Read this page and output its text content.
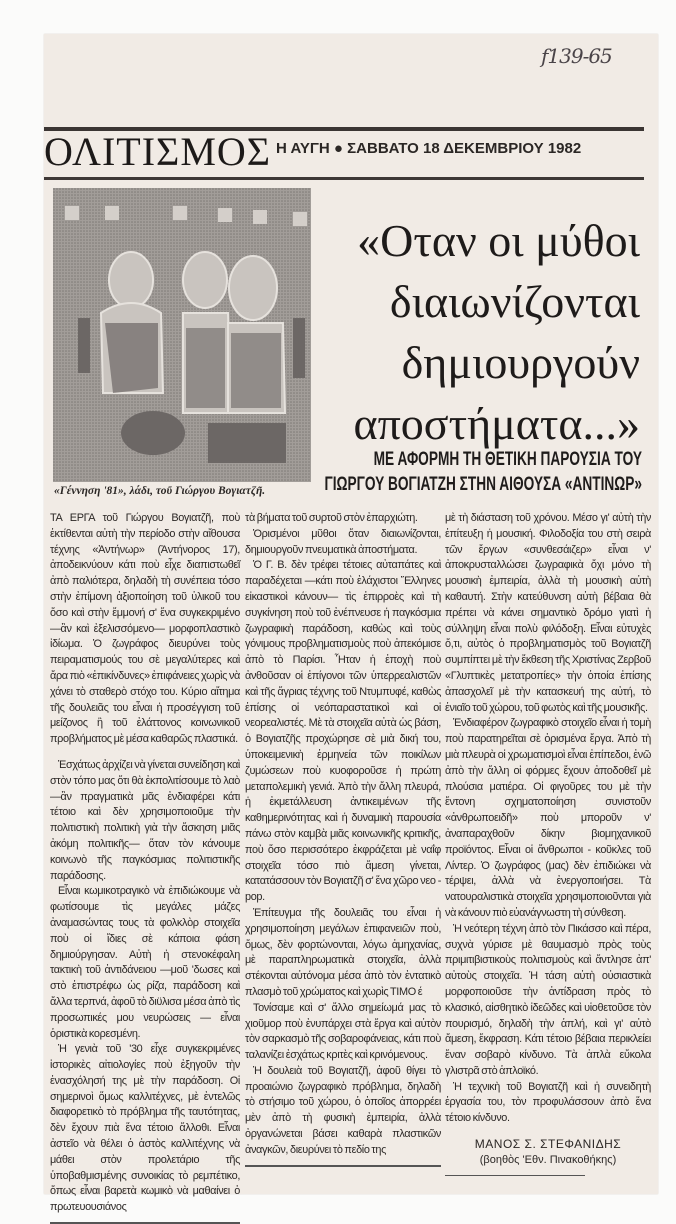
f139-65
ΟΛΙΤΙΣΜΟΣ Η ΑΥΓΗ ● ΣΑΒΒΑΤΟ 18 ΔΕΚΕΜΒΡΙΟΥ 1982
«Γέννηση '81», λάδι, τοῦ Γιώργου Βογιατζῆ.
«Οταν οι μύθοι
διαιωνίζονται
δημιουργούν
αποστήματα...»
ΜΕ ΑΦΟΡΜΗ ΤΗ ΘΕΤΙΚΗ ΠΑΡΟΥΣΙΑ ΤΟΥ
ΓΙΩΡΓΟΥ ΒΟΓΙΑΤΖΗ ΣΤΗΝ ΑΙΘΟΥΣΑ «ΑΝΤΙΝΩΡ»

ΤΑ ΕΡΓΑ τοῦ Γιώργου Βογιατζῆ, ποὺ ἐκτίθενται αὐτὴ τὴν περίοδο στὴν αἴθουσα τέχνης «Ἀντήνωρ» (Ἀντήνορος 17), ἀποδεικνύουν κάτι ποὺ εἶχε διαπιστωθεῖ ἀπὸ παλιότερα, δηλαδὴ τὴ συνέπεια τόσο στὴν ἐπίμονη ἀξιοποίηση τοῦ ὑλικοῦ του ὅσο καὶ στὴν ἔμμονή σ' ἕνα συγκεκριμένο —ἂν καὶ ἐξελισσόμενο— μορφοπλαστικὸ ἰδίωμα. Ὁ ζωγράφος διευρύνει τοὺς πειραματισμούς του σὲ μεγαλύτερες καὶ ἄρα πιὸ «ἐπικίνδυνες» ἐπιφάνειες χωρὶς νὰ χάνει τὸ σταθερὸ στόχο του. Κύριο αἴτημα τῆς δουλειᾶς του εἶναι ἡ προσέγγιση τοῦ μείζονος ἢ τοῦ ἐλάττονος κοινωνικοῦ προβλήματος μὲ μέσα καθαρῶς πλαστικά.

Ἐσχάτως ἀρχίζει νὰ γίνεται συνείδηση καὶ στὸν τόπο μας ὅτι θὰ ἐκπολιτίσουμε τὸ λαὸ —ἂν πραγματικὰ μᾶς ἐνδιαφέρει κάτι τέτοιο καὶ δὲν χρησιμοποιοῦμε τὴν πολιτιστικὴ πολιτικὴ γιὰ τὴν ἄσκηση μιᾶς ἀκόμη πολιτικῆς— ὅταν τὸν κάνουμε κοινωνὸ τῆς παγκόσμιας πολιτιστικῆς παράδοσης.

Εἶναι κωμικοτραγικὸ νὰ ἐπιδιώκουμε νὰ φωτίσουμε τὶς μεγάλες μάζες ἀναμασώντας τους τὰ φολκλὸρ στοιχεῖα ποὺ οἱ ἴδιες σὲ κάποια φάση δημιούργησαν. Αὐτὴ ἡ στενοκέφαλη τακτικὴ τοῦ ἀντιδάνειου —μοῦ 'δωσες καὶ στὸ ἐπιστρέφω ὡς ρίζα, παράδοση καὶ ἄλλα τερπνά, ἀφοῦ τὸ διϋλισα μέσα ἀπὸ τὶς προσωπικές μου νευρώσεις — εἶναι ὁριστικὰ κορεσμένη.

Ἡ γενιὰ τοῦ '30 εἶχε συγκεκριμένες ἱστορικὲς αἰτιολογίες ποὺ ἐξηγοῦν τὴν ἐνασχόλησή της μὲ τὴν παράδοση. Οἱ σημερινοὶ ὅμως καλλιτέχνες, μὲ ἐντελῶς διαφορετικὸ τὸ πρόβλημα τῆς ταυτότητας, δὲν ἔχουν πιὰ ἕνα τέτοιο ἄλλοθι. Εἶναι ἀστεῖο νὰ θέλει ὁ ἀστὸς καλλιτέχνης νὰ μάθει στὸν προλετάριο τῆς ὑποβαθμισμένης συνοικίας τὸ ρεμπέτικο, ὅπως εἶναι βαρετὰ κωμικὸ νὰ μαθαίνει ὁ πρωτευουσιάνος

τὰ βήματα τοῦ συρτοῦ στὸν ἐπαρχιώτη.

Ὁρισμένοι μῦθοι ὅταν διαιωνίζονται, δημιουργοῦν πνευματικὰ ἀποστήματα.

Ὁ Γ. Β. δὲν τρέφει τέτοιες αὐταπάτες καὶ παραδέχεται —κάτι ποὺ ἐλάχιστοι Ἕλληνες εἰκαστικοὶ κάνουν— τὶς ἐπιρροὲς καὶ τὴ συγκίνηση ποὺ τοῦ ἐνέπνευσε ἡ παγκόσμια ζωγραφικὴ παράδοση, καθὼς καὶ τοὺς γόνιμους προβληματισμοὺς ποὺ ἀπεκόμισε ἀπὸ τὸ Παρίσι. Ἦταν ἡ ἐποχὴ ποὺ ἀνθοῦσαν οἱ ἐπίγονοι τῶν ὑπερρεαλιστῶν καὶ τῆς ἄγριας τέχνης τοῦ Ντυμπυφέ, καθὼς ἐπίσης οἱ νεόπαραστατικοὶ καὶ οἱ νεορεαλιστές. Μὲ τὰ στοιχεῖα αὐτὰ ὡς βάση, ὁ Βογιατζῆς προχώρησε σὲ μιὰ δική του, ὑποκειμενικὴ ἑρμηνεία τῶν ποικίλων ζυμώσεων ποὺ κυοφοροῦσε ἡ πρώτη μεταπολεμικὴ γενιά. Ἀπὸ τὴν ἄλλη πλευρά, ἡ ἐκμετάλλευση ἀντικειμένων τῆς καθημερινότητας καὶ ἡ δυναμικὴ παρουσία πάνω στὸν καμβὰ μιᾶς κοινωνικῆς κριτικῆς, ποὺ ὅσο περισσότερο ἐκφράζεται μὲ ναΐφ στοιχεῖα τόσο πιὸ ἄμεση γίνεται, κατατάσσουν τὸν Βογιατζῆ σ' ἕνα χῶρο νεο - pop.

Ἐπίτευγμα τῆς δουλειᾶς του εἶναι ἡ χρησιμοποίηση μεγάλων ἐπιφανειῶν ποὺ, ὅμως, δὲν φορτώνονται, λόγω ἀμηχανίας, μὲ παραπληρωματικὰ στοιχεῖα, ἀλλὰ στέκονται αὐτόνομα μέσα ἀπὸ τὸν ἐντατικὸ πλασμὸ τοῦ χρώματος καὶ χωρὶς ΤΙΜΟ έ

Τονίσαμε καὶ σ' ἄλλο σημείωμά μας τὸ χιοῦμορ ποὺ ἐνυπάρχει στὰ ἔργα καὶ αὐτὸν τὸν σαρκασμὸ τῆς σοβαροφάνειας, κάτι ποὺ ταλανίζει ἐσχάτως κριτὲς καὶ κρινόμενους.

Ἡ δουλειὰ τοῦ Βογιατζῆ, ἀφοῦ θίγει τὸ προαιώνιο ζωγραφικὸ πρόβλημα, δηλαδὴ τὸ στήσιμο τοῦ χώρου, ὁ ὁποῖος ἀπορρέει μὲν ἀπὸ τὴ φυσικὴ ἐμπειρία, ἀλλὰ ὀργανώνεται βάσει καθαρὰ πλαστικῶν ἀναγκῶν, διευρύνει τὸ πεδίο της

μὲ τὴ διάσταση τοῦ χρόνου. Μέσο γι' αὐτὴ τὴν ἐπίτευξη ἡ μουσική. Φιλοδοξία του στὴ σειρὰ τῶν ἔργων «συνθεσάιζερ» εἶναι ν' ἀποκρυσταλλώσει ζωγραφικὰ ὄχι μόνο τὴ μουσικὴ ἐμπειρία, ἀλλὰ τὴ μουσικὴ αὐτὴ καθαυτή. Στὴν κατεύθυνση αὐτὴ βέβαια θὰ πρέπει νὰ κάνει σημαντικὸ δρόμο γιατὶ ἡ σύλληψη εἶναι πολὺ φιλόδοξη. Εἶναι εὐτυχὲς ὅ,τι, αὐτὸς ὁ προβληματισμὸς τοῦ Βογιατζῆ συμπίπτει μὲ τὴν ἔκθεση τῆς Χριστίνας Ζερβοῦ «Γλυπτικὲς μετατροπίες» τὴν ὁποία ἐπίσης ἀπασχολεῖ μὲ τὴν κατασκευή της αὐτή, τὸ ἑνιαῖο τοῦ χώρου, τοῦ φωτὸς καὶ τῆς μουσικῆς.

Ἐνδιαφέρον ζωγραφικὸ στοιχεῖο εἶναι ἡ τομὴ ποὺ παρατηρεῖται σὲ ὁρισμένα ἔργα. Ἀπὸ τὴ μιὰ πλευρὰ οἱ χρωματισμοὶ εἶναι ἐπίπεδοι, ἐνῶ ἀπὸ τὴν ἄλλη οἱ φόρμες ἔχουν ἀποδοθεῖ μὲ πλούσια ματιέρα. Οἱ φιγοῦρες του μὲ τὴν ἔντονη σχηματοποίηση συνιστοῦν «ἀνθρωποειδῆ» ποὺ μποροῦν ν' ἀναπαραχθοῦν δίκην βιομηχανικοῦ προϊόντος. Εἶναι οἱ ἄνθρωποι - κοῦκλες τοῦ Λίντερ. Ὁ ζωγράφος (μας) δὲν ἐπιδιώκει νὰ τέρψει, ἀλλὰ νὰ ἐνεργοποιήσει. Τὰ νατουραλιστικὰ στοιχεῖα χρησιμοποιοῦνται γιὰ νὰ κάνουν πιὸ εὐανάγνωστη τὴ σύνθεση.

Ἡ νεότερη τέχνη ἀπὸ τὸν Πικάσσο καὶ πέρα, συχνὰ γύρισε μὲ θαυμασμὸ πρὸς τοὺς πριμιτιβιστικοὺς πολιτισμοὺς καὶ ἄντλησε ἀπ' αὐτοὺς στοιχεῖα. Ἡ τάση αὐτὴ οὐσιαστικὰ μορφοποιοῦσε τὴν ἀντίδραση πρὸς τὸ κλασικό, αἰσθητικὸ ἰδεῶδες καὶ υἱοθετοῦσε τὸν πουρισμό, δηλαδὴ τὴν ἁπλή, καὶ γι' αὐτὸ ἄμεση, ἔκφραση. Κάτι τέτοιο βέβαια περικλείει ἕναν σοβαρὸ κίνδυνο. Τὰ ἁπλὰ εὔκολα γλιστρᾶ στὸ ἁπλοϊκό.

Ἡ τεχνικὴ τοῦ Βογιατζῆ καὶ ἡ συνειδητὴ ἐργασία του, τὸν προφυλάσσουν ἀπὸ ἕνα τέτοιο κίνδυνο.

ΜΑΝΟΣ Σ. ΣΤΕΦΑΝΙΔΗΣ
(βοηθὸς 'Εθν. Πινακοθήκης)
